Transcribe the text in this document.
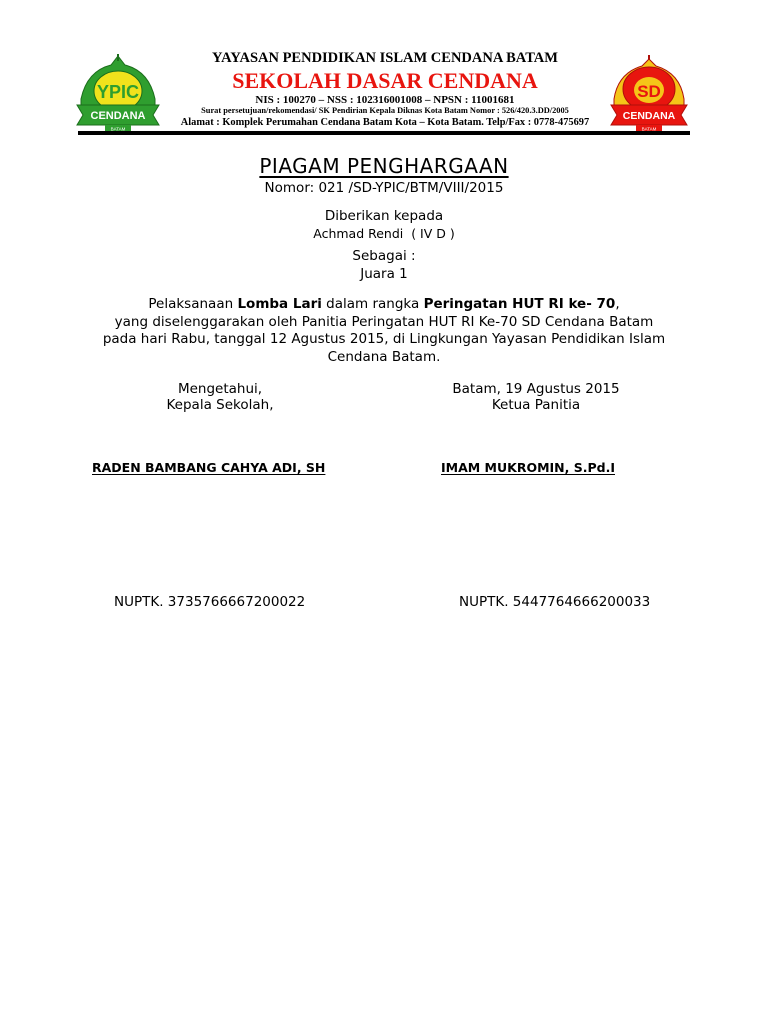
YPIC
CENDANA
BATAM
SD
CENDANA
BATAM
YAYASAN PENDIDIKAN ISLAM CENDANA BATAM
SEKOLAH DASAR CENDANA
NIS : 100270 – NSS : 102316001008 – NPSN : 11001681
Surat persetujuan/rekomendasi/ SK Pendirian Kepala Diknas Kota Batam Nomor : 526/420.3.DD/2005
Alamat : Komplek Perumahan Cendana Batam Kota – Kota Batam. Telp/Fax : 0778-475697
PIAGAM PENGHARGAAN
Nomor: 021 /SD-YPIC/BTM/VIII/2015
Diberikan kepada
Achmad Rendi  ( IV D )
Sebagai :
Juara 1
Pelaksanaan Lomba Lari dalam rangka Peringatan HUT RI ke- 70,
yang diselenggarakan oleh Panitia Peringatan HUT RI Ke-70 SD Cendana Batam
pada hari Rabu, tanggal 12 Agustus 2015, di Lingkungan Yayasan Pendidikan Islam
Cendana Batam.
Mengetahui,
Kepala Sekolah,
Batam, 19 Agustus 2015
Ketua Panitia
RADEN BAMBANG CAHYA ADI, SH	IMAM MUKROMIN, S.Pd.I
NUPTK. 3735766667200022	NUPTK. 5447764666200033
